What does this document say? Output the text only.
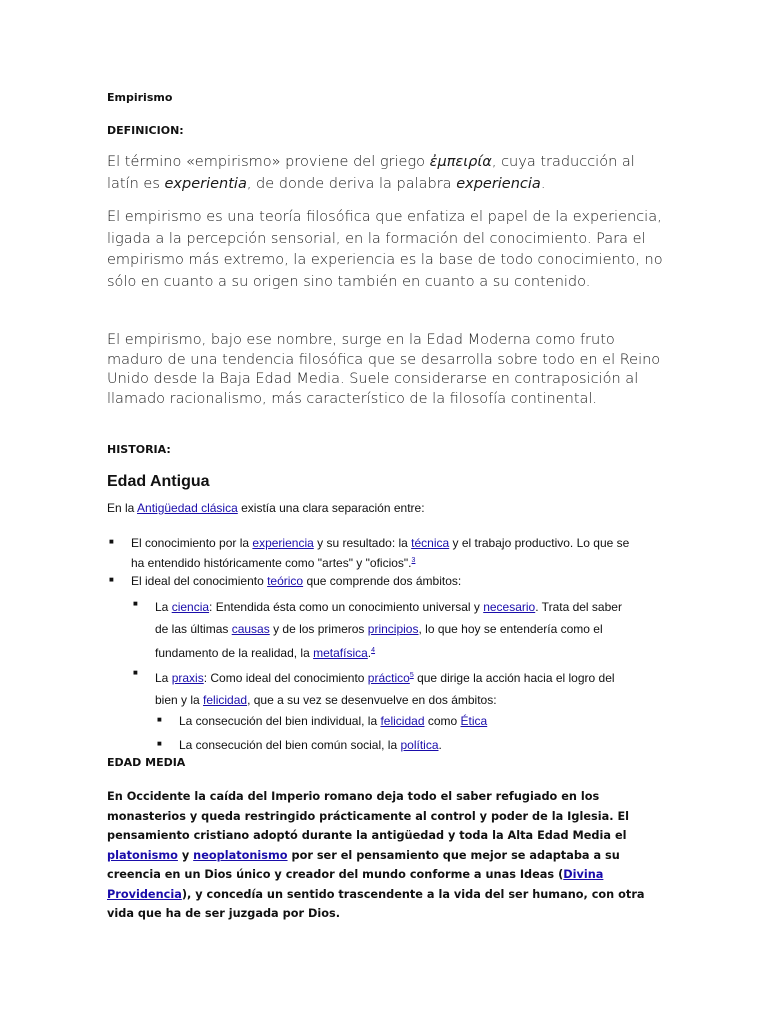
Empirismo

DEFINICION:

El término «empirismo» proviene del griego ἐμπειρία, cuya traducción al latín es experientia, de donde deriva la palabra experiencia.

El empirismo es una teoría filosófica que enfatiza el papel de la experiencia, ligada a la percepción sensorial, en la formación del conocimiento. Para el empirismo más extremo, la experiencia es la base de todo conocimiento, no sólo en cuanto a su origen sino también en cuanto a su contenido.

El empirismo, bajo ese nombre, surge en la Edad Moderna como fruto maduro de una tendencia filosófica que se desarrolla sobre todo en el Reino Unido desde la Baja Edad Media. Suele considerarse en contraposición al llamado racionalismo, más característico de la filosofía continental.

HISTORIA:

Edad Antigua

En la Antigüedad clásica existía una clara separación entre:

■ El conocimiento por la experiencia y su resultado: la técnica y el trabajo productivo. Lo que se
ha entendido históricamente como "artes" y "oficios".$^3$
■ El ideal del conocimiento teórico que comprende dos ámbitos:
■ La ciencia: Entendida ésta como un conocimiento universal y necesario. Trata del saber
de las últimas causas y de los primeros principios, lo que hoy se entendería como el
fundamento de la realidad, la metafísica.$^4$
■ La praxis: Como ideal del conocimiento práctico$^5$ que dirige la acción hacia el logro del
bien y la felicidad, que a su vez se desenvuelve en dos ámbitos:
■ La consecución del bien individual, la felicidad como Ética
■ La consecución del bien común social, la política.

EDAD MEDIA

En Occidente la caída del Imperio romano deja todo el saber refugiado en los monasterios y queda restringido prácticamente al control y poder de la Iglesia. El pensamiento cristiano adoptó durante la antigüedad y toda la Alta Edad Media el platonismo y neoplatonismo por ser el pensamiento que mejor se adaptaba a su creencia en un Dios único y creador del mundo conforme a unas Ideas (Divina Providencia), y concedía un sentido trascendente a la vida del ser humano, con otra vida que ha de ser juzgada por Dios.
